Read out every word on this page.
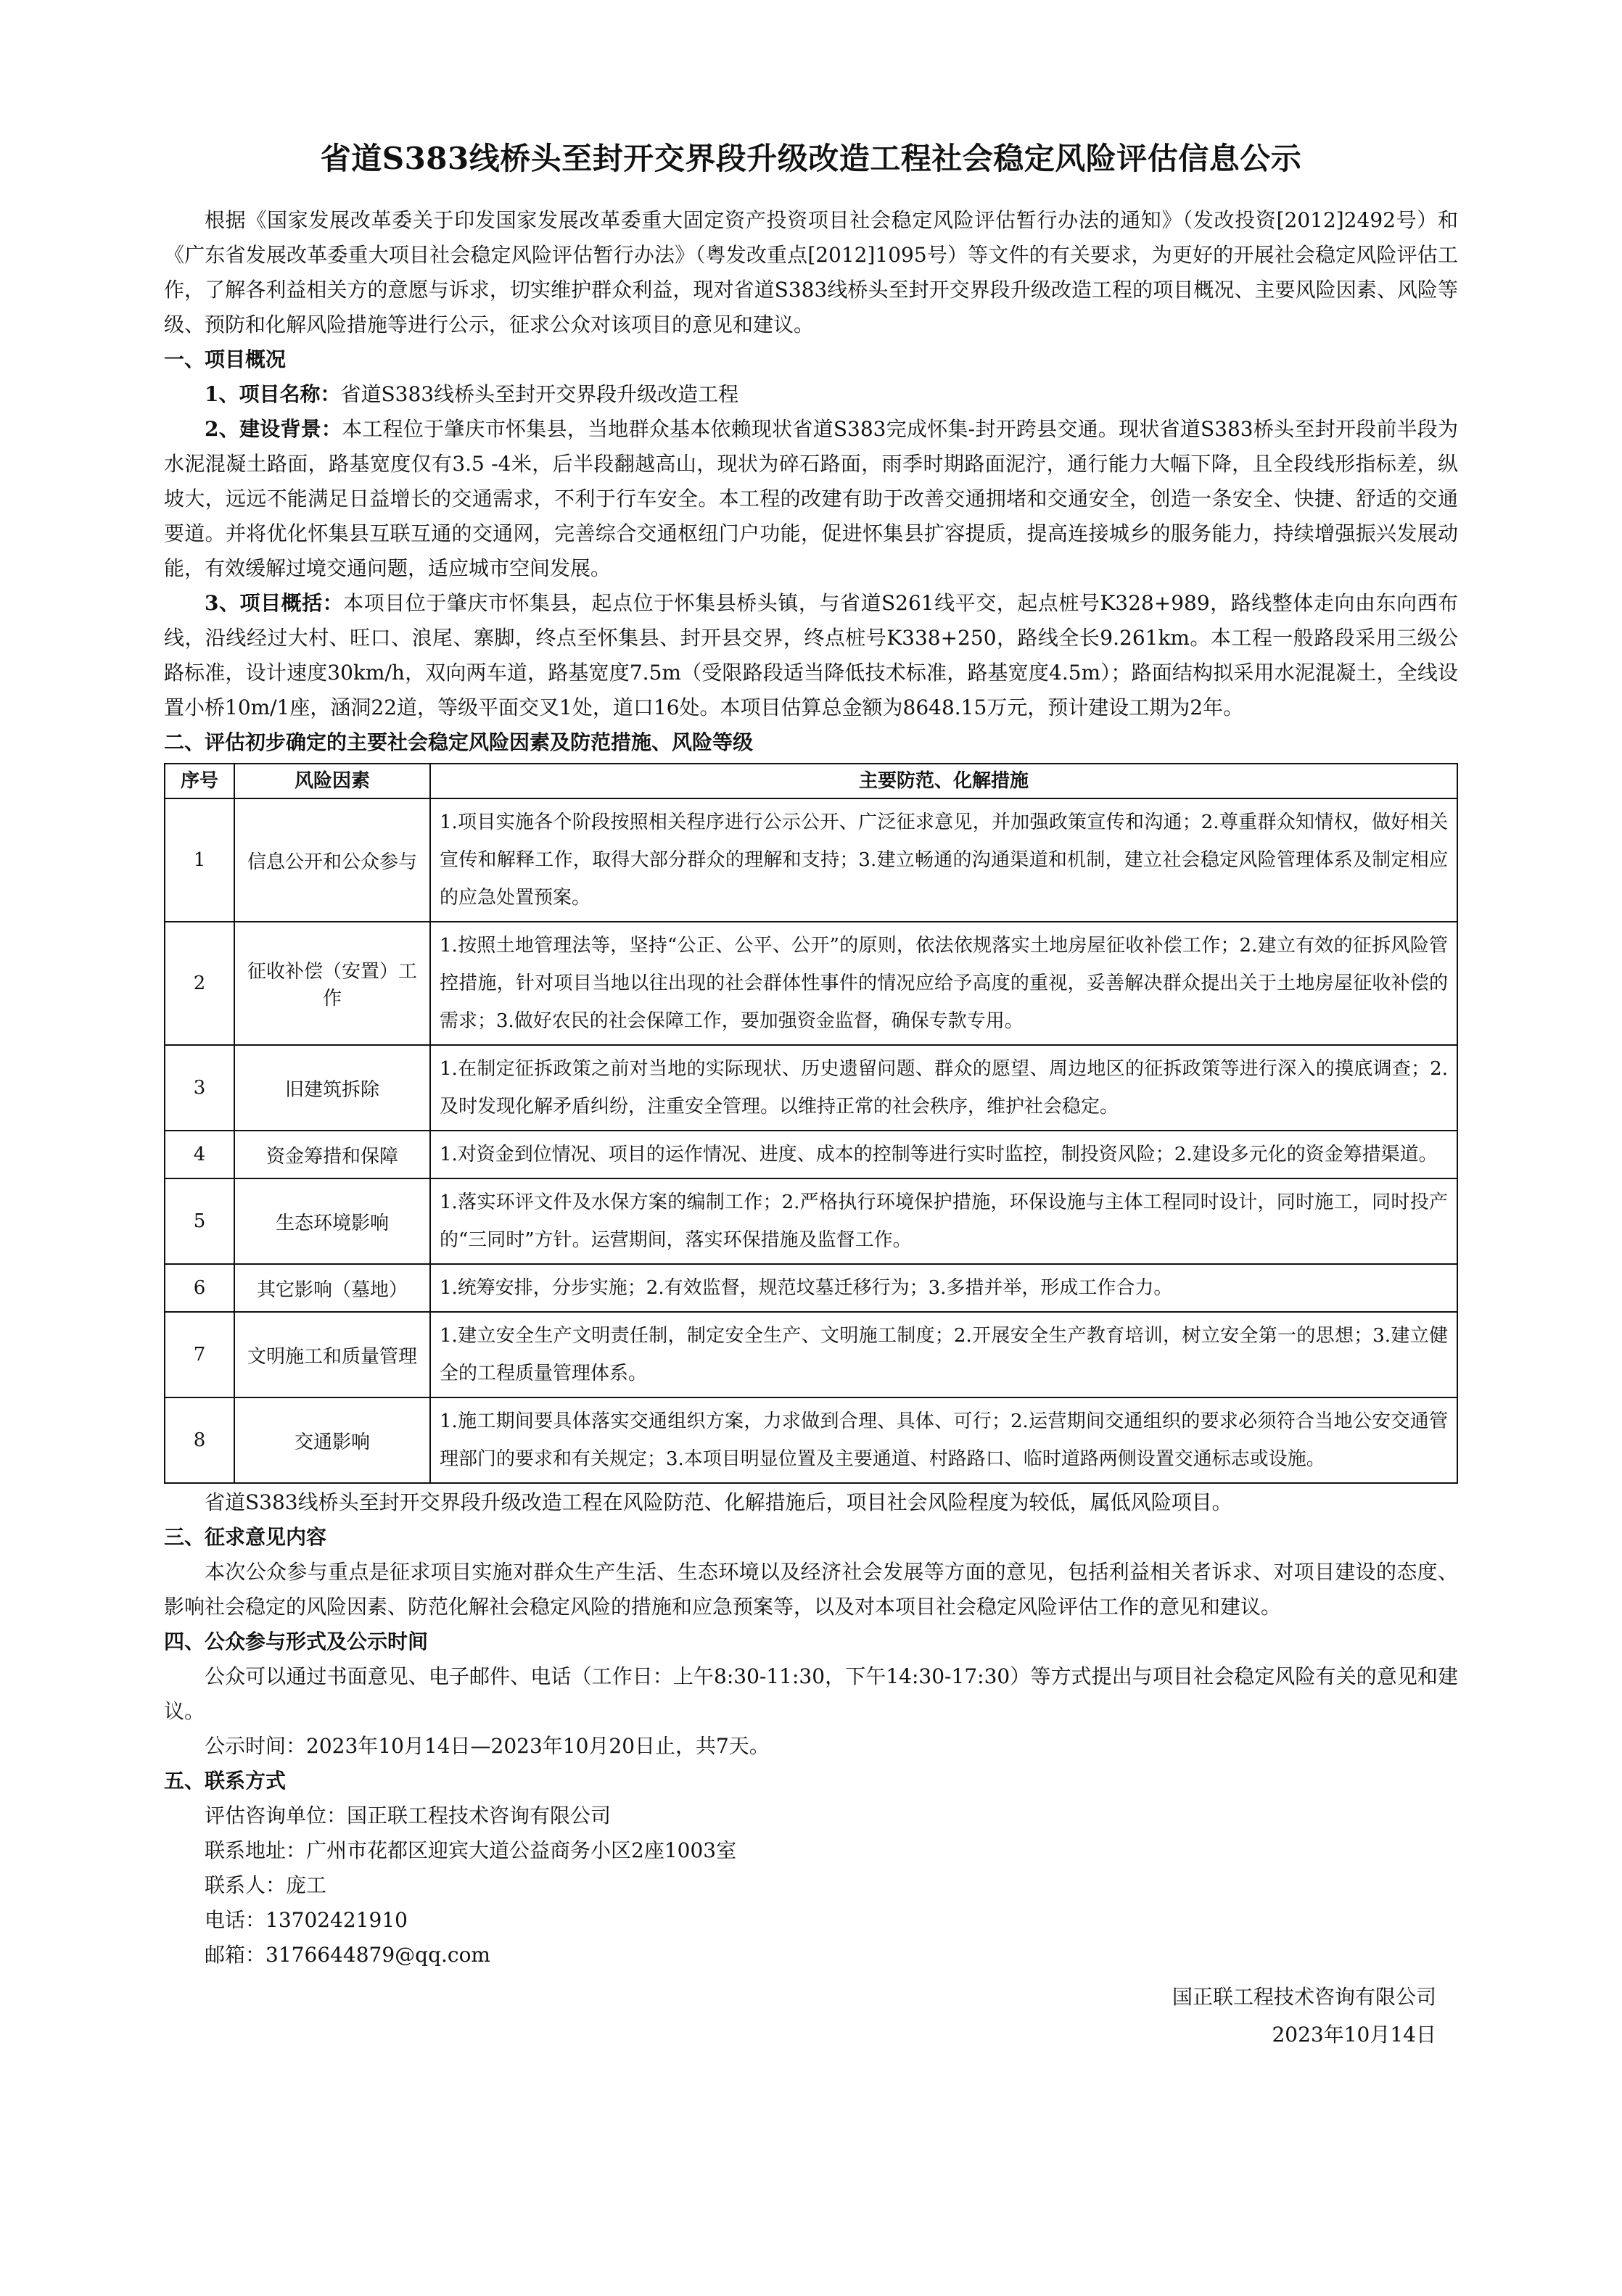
省道S383线桥头至封开交界段升级改造工程社会稳定风险评估信息公示

根据《国家发展改革委关于印发国家发展改革委重大固定资产投资项目社会稳定风险评估暂行办法的通知》（发改投资[2012]2492号）和《广东省发展改革委重大项目社会稳定风险评估暂行办法》（粤发改重点[2012]1095号）等文件的有关要求，为更好的开展社会稳定风险评估工作，了解各利益相关方的意愿与诉求，切实维护群众利益，现对省道S383线桥头至封开交界段升级改造工程的项目概况、主要风险因素、风险等级、预防和化解风险措施等进行公示，征求公众对该项目的意见和建议。

一、项目概况

1、项目名称：省道S383线桥头至封开交界段升级改造工程

2、建设背景：本工程位于肇庆市怀集县，当地群众基本依赖现状省道S383完成怀集-封开跨县交通。现状省道S383桥头至封开段前半段为水泥混凝土路面，路基宽度仅有3.5 -4米，后半段翻越高山，现状为碎石路面，雨季时期路面泥泞，通行能力大幅下降，且全段线形指标差，纵坡大，远远不能满足日益增长的交通需求，不利于行车安全。本工程的改建有助于改善交通拥堵和交通安全，创造一条安全、快捷、舒适的交通要道。并将优化怀集县互联互通的交通网，完善综合交通枢纽门户功能，促进怀集县扩容提质，提高连接城乡的服务能力，持续增强振兴发展动能，有效缓解过境交通问题，适应城市空间发展。

3、项目概括：本项目位于肇庆市怀集县，起点位于怀集县桥头镇，与省道S261线平交，起点桩号K328+989，路线整体走向由东向西布线，沿线经过大村、旺口、浪尾、寨脚，终点至怀集县、封开县交界，终点桩号K338+250，路线全长9.261km。本工程一般路段采用三级公路标准，设计速度30km/h，双向两车道，路基宽度7.5m（受限路段适当降低技术标准，路基宽度4.5m）；路面结构拟采用水泥混凝土，全线设置小桥10m/1座，涵洞22道，等级平面交叉1处，道口16处。本项目估算总金额为8648.15万元，预计建设工期为2年。

二、评估初步确定的主要社会稳定风险因素及防范措施、风险等级
序号	风险因素	主要防范、化解措施
1	信息公开和公众参与	1.项目实施各个阶段按照相关程序进行公示公开、广泛征求意见，并加强政策宣传和沟通；2.尊重群众知情权，做好相关宣传和解释工作，取得大部分群众的理解和支持；3.建立畅通的沟通渠道和机制，建立社会稳定风险管理体系及制定相应的应急处置预案。
2	征收补偿（安置）工作	1.按照土地管理法等，坚持“公正、公平、公开”的原则，依法依规落实土地房屋征收补偿工作；2.建立有效的征拆风险管控措施，针对项目当地以往出现的社会群体性事件的情况应给予高度的重视，妥善解决群众提出关于土地房屋征收补偿的需求；3.做好农民的社会保障工作，要加强资金监督，确保专款专用。
3	旧建筑拆除	1.在制定征拆政策之前对当地的实际现状、历史遗留问题、群众的愿望、周边地区的征拆政策等进行深入的摸底调查；2.及时发现化解矛盾纠纷，注重安全管理。以维持正常的社会秩序，维护社会稳定。
4	资金筹措和保障	1.对资金到位情况、项目的运作情况、进度、成本的控制等进行实时监控，制投资风险；2.建设多元化的资金筹措渠道。
5	生态环境影响	1.落实环评文件及水保方案的编制工作；2.严格执行环境保护措施，环保设施与主体工程同时设计，同时施工，同时投产的“三同时”方针。运营期间，落实环保措施及监督工作。
6	其它影响（墓地）	1.统筹安排，分步实施；2.有效监督，规范坟墓迁移行为；3.多措并举，形成工作合力。
7	文明施工和质量管理	1.建立安全生产文明责任制，制定安全生产、文明施工制度；2.开展安全生产教育培训，树立安全第一的思想；3.建立健全的工程质量管理体系。
8	交通影响	1.施工期间要具体落实交通组织方案，力求做到合理、具体、可行；2.运营期间交通组织的要求必须符合当地公安交通管理部门的要求和有关规定；3.本项目明显位置及主要通道、村路路口、临时道路两侧设置交通标志或设施。

省道S383线桥头至封开交界段升级改造工程在风险防范、化解措施后，项目社会风险程度为较低，属低风险项目。

三、征求意见内容

本次公众参与重点是征求项目实施对群众生产生活、生态环境以及经济社会发展等方面的意见，包括利益相关者诉求、对项目建设的态度、影响社会稳定的风险因素、防范化解社会稳定风险的措施和应急预案等，以及对本项目社会稳定风险评估工作的意见和建议。

四、公众参与形式及公示时间

公众可以通过书面意见、电子邮件、电话（工作日：上午8:30-11:30，下午14:30-17:30）等方式提出与项目社会稳定风险有关的意见和建议。

公示时间：2023年10月14日—2023年10月20日止，共7天。

五、联系方式

评估咨询单位：国正联工程技术咨询有限公司

联系地址：广州市花都区迎宾大道公益商务小区2座1003室

联系人：庞工

电话：13702421910

邮箱：3176644879@qq.com

国正联工程技术咨询有限公司
2023年10月14日
